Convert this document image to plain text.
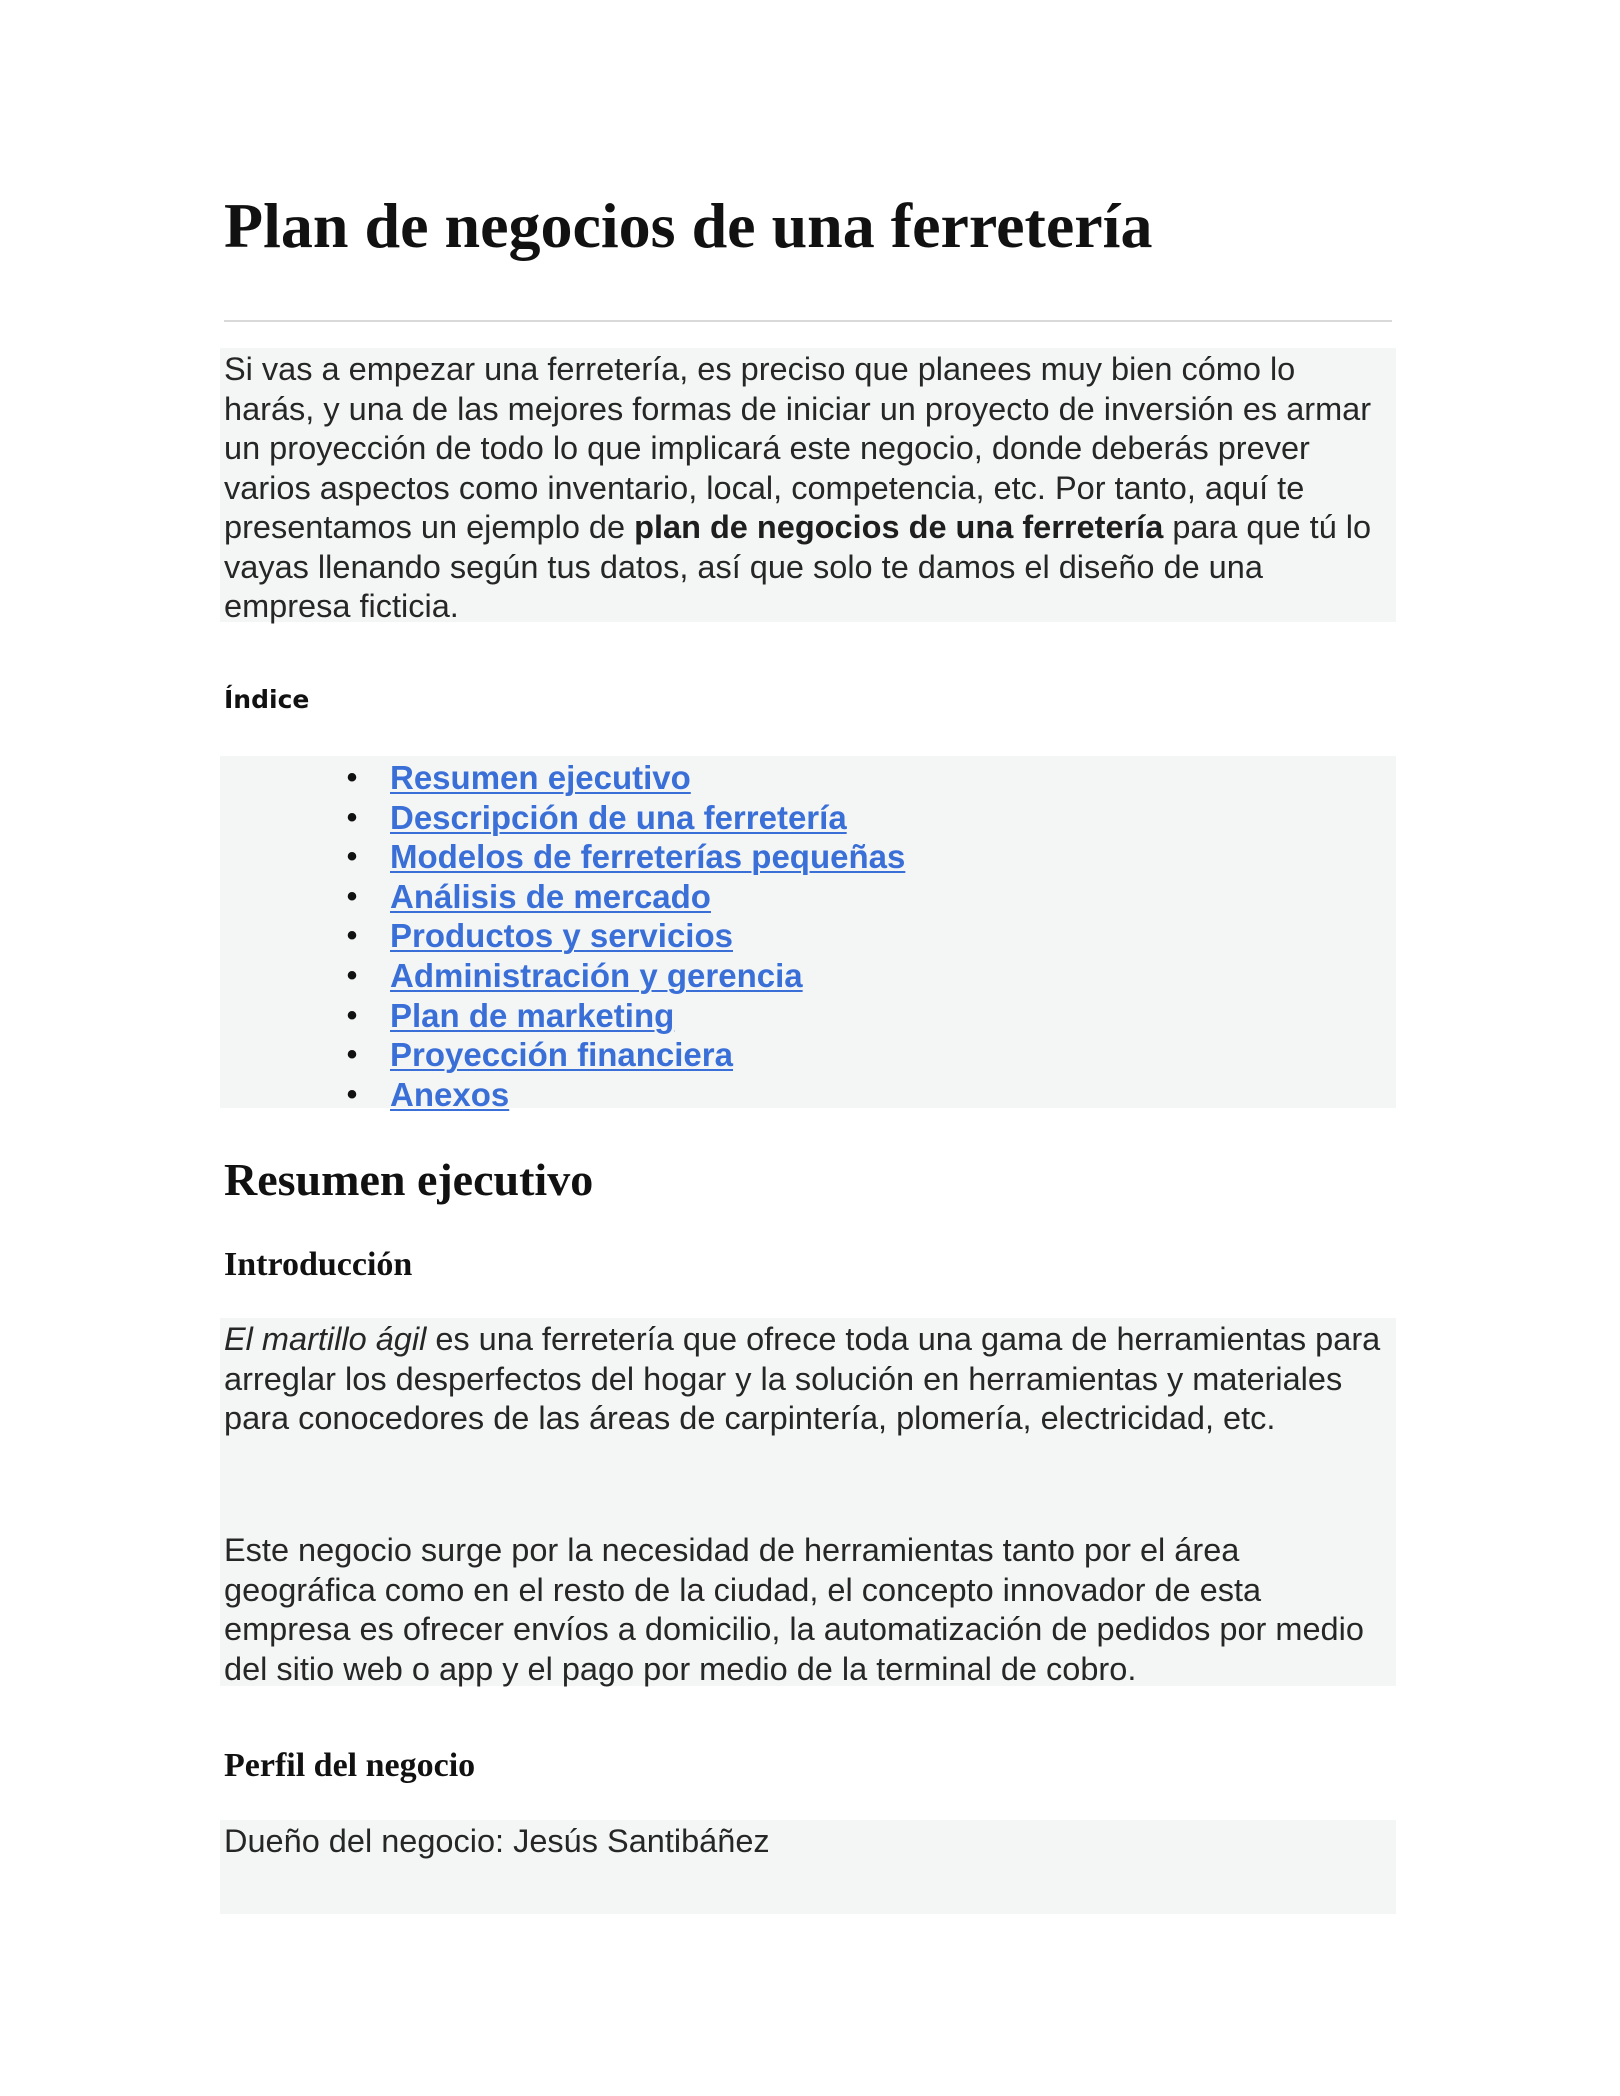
Plan de negocios de una ferretería

Si vas a empezar una ferretería, es preciso que planees muy bien cómo lo harás, y una de las mejores formas de iniciar un proyecto de inversión es armar un proyección de todo lo que implicará este negocio, donde deberás prever varios aspectos como inventario, local, competencia, etc. Por tanto, aquí te presentamos un ejemplo de plan de negocios de una ferretería para que tú lo vayas llenando según tus datos, así que solo te damos el diseño de una empresa ficticia.

Índice
• Resumen ejecutivo
• Descripción de una ferretería
• Modelos de ferreterías pequeñas
• Análisis de mercado
• Productos y servicios
• Administración y gerencia
• Plan de marketing
• Proyección financiera
• Anexos
Resumen ejecutivo
Introducción

El martillo ágil es una ferretería que ofrece toda una gama de herramientas para arreglar los desperfectos del hogar y la solución en herramientas y materiales para conocedores de las áreas de carpintería, plomería, electricidad, etc.

Este negocio surge por la necesidad de herramientas tanto por el área geográfica como en el resto de la ciudad, el concepto innovador de esta empresa es ofrecer envíos a domicilio, la automatización de pedidos por medio del sitio web o app y el pago por medio de la terminal de cobro.

Perfil del negocio

Dueño del negocio: Jesús Santibáñez
